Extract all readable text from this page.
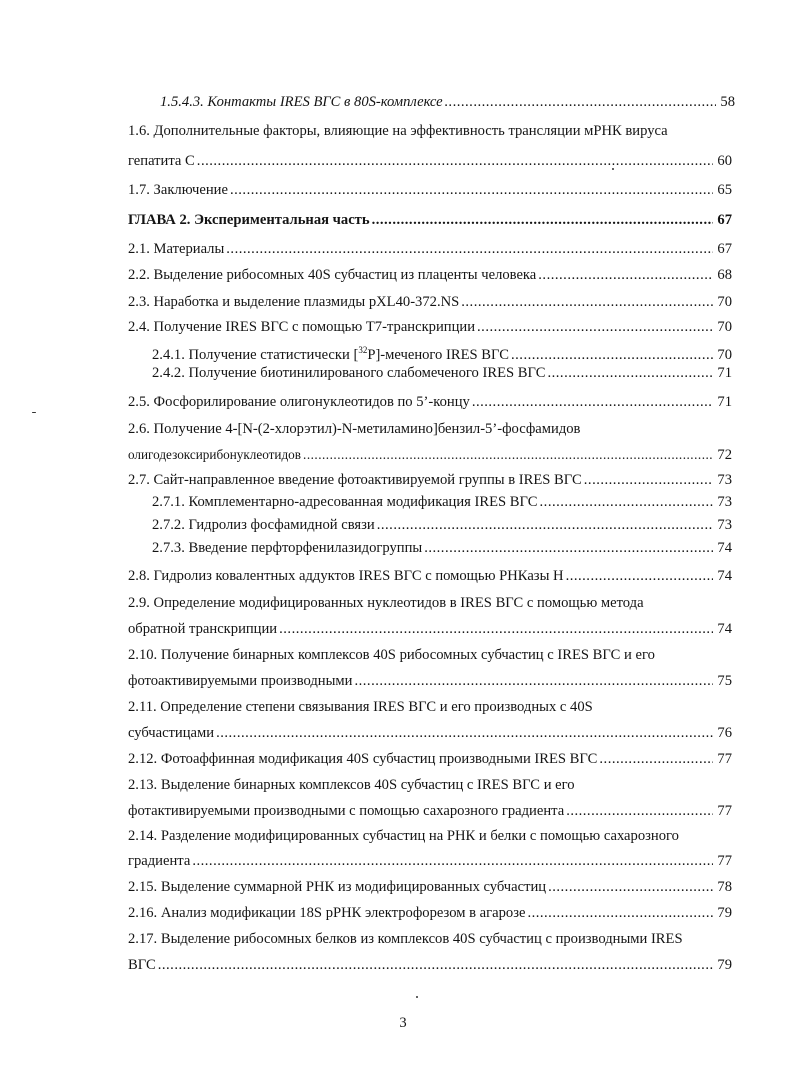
1.5.4.3. Контакты IRES ВГС в 80S-комплексе .....	58
1.6. Дополнительные факторы, влияющие на эффективность трансляции мРНК вируса
гепатита С .....	60
1.7. Заключение .....	65
ГЛАВА 2. Экспериментальная часть .....	67
2.1. Материалы .....	67
2.2. Выделение рибосомных 40S субчастиц из плаценты человека .....	68
2.3. Наработка и выделение плазмиды pXL40-372.NS .....	70
2.4. Получение IRES ВГС с помощью Т7-транскрипции .....	70
2.4.1. Получение статистически [$^{32}$P]-меченого IRES ВГС .....	70
2.4.2. Получение биотинилированого слабомеченого IRES ВГС .....	71
2.5. Фосфорилирование олигонуклеотидов по 5’-концу .....	71
2.6. Получение 4-[N-(2-хлорэтил)-N-метиламино]бензил-5’-фосфамидов
олигодезоксирибонуклеотидов .....	72
2.7. Сайт-направленное введение фотоактивируемой группы в IRES ВГС .....	73
2.7.1. Комплементарно-адресованная модификация IRES ВГС .....	73
2.7.2. Гидролиз фосфамидной связи .....	73
2.7.3. Введение перфторфенилазидогруппы .....	74
2.8. Гидролиз ковалентных аддуктов IRES ВГС с помощью РНКазы Н .....	74
2.9. Определение модифицированных нуклеотидов в IRES ВГС с помощью метода
обратной транскрипции .....	74
2.10. Получение бинарных комплексов 40S рибосомных субчастиц с IRES ВГС и его
фотоактивируемыми производными .....	75
2.11. Определение степени связывания IRES ВГС и его производных с 40S
субчастицами .....	76
2.12. Фотоаффинная модификация 40S субчастиц производными IRES ВГС .....	77
2.13. Выделение бинарных комплексов 40S субчастиц с IRES ВГС и его
фотактивируемыми производными с помощью сахарозного градиента .....	77
2.14. Разделение модифицированных субчастиц на РНК и белки с помощью сахарозного
градиента .....	77
2.15. Выделение суммарной РНК из модифицированных субчастиц .....	78
2.16. Анализ модификации 18S рРНК электрофорезом в агарозе .....	79
2.17. Выделение рибосомных белков из комплексов 40S субчастиц с производными IRES
ВГС .....	79
3
